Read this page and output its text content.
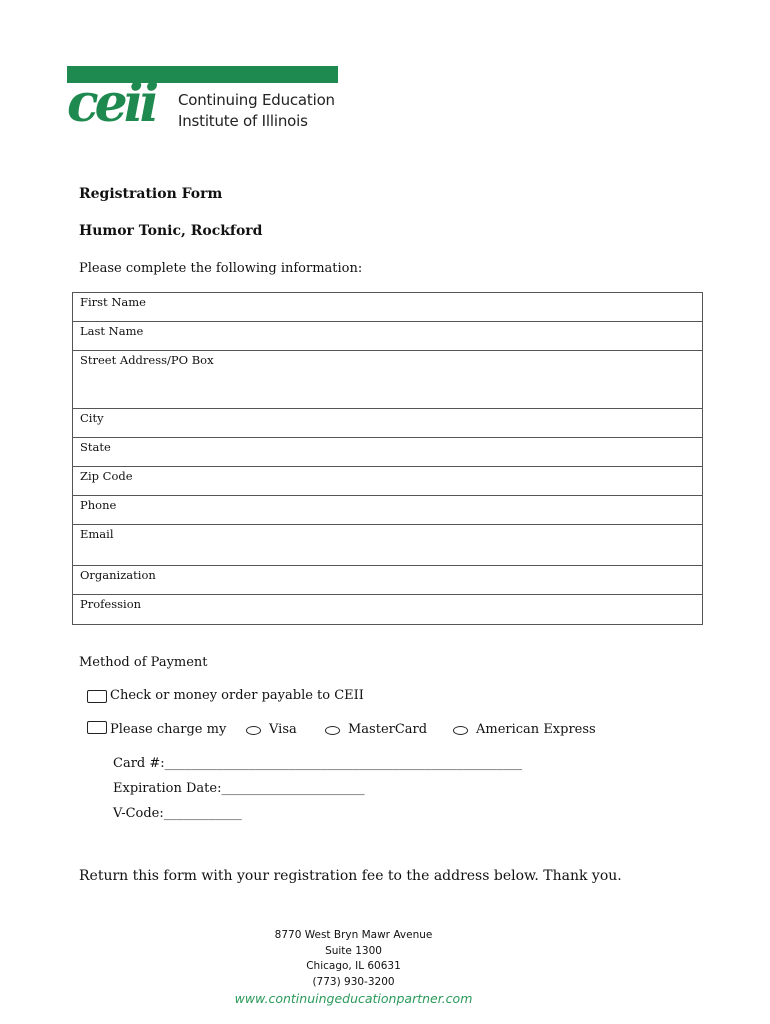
ceii Continuing Education
Institute of Illinois
Registration Form
Humor Tonic, Rockford
Please complete the following information:
First Name
Last Name
Street Address/PO Box
City
State
Zip Code
Phone
Email
Organization
Profession
Method of Payment
Check or money order payable to CEII
Please charge my	Visa	MasterCard	American Express
Card #:_______________________________________________________
Expiration Date:______________________
V-Code:____________
Return this form with your registration fee to the address below. Thank you.
8770 West Bryn Mawr Avenue
Suite 1300
Chicago, IL 60631
(773) 930-3200
www.continuingeducationpartner.com
